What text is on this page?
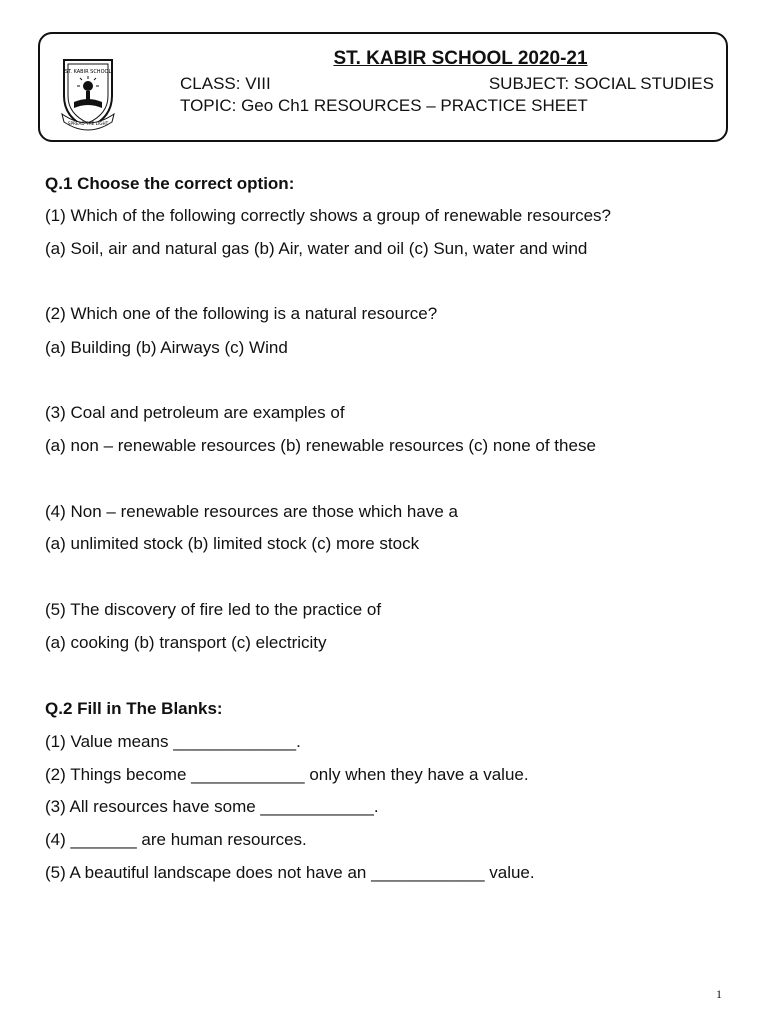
ST. KABIR SCHOOL
SPREAD THE LIGHT
ST. KABIR SCHOOL 2020-21
CLASS: VIII	SUBJECT: SOCIAL STUDIES
TOPIC: Geo Ch1 RESOURCES – PRACTICE SHEET
Q.1 Choose the correct option:
(1) Which of the following correctly shows a group of renewable resources?
(a) Soil, air and natural gas (b) Air, water and oil (c) Sun, water and wind
(2) Which one of the following is a natural resource?
(a) Building (b) Airways (c) Wind
(3) Coal and petroleum are examples of
(a) non – renewable resources (b) renewable resources (c) none of these
(4) Non – renewable resources are those which have a
(a) unlimited stock (b) limited stock (c) more stock
(5) The discovery of fire led to the practice of
(a) cooking (b) transport (c) electricity
Q.2 Fill in The Blanks:
(1) Value means _____________.
(2) Things become ____________ only when they have a value.
(3) All resources have some ____________.
(4) _______ are human resources.
(5) A beautiful landscape does not have an ____________ value.
1
